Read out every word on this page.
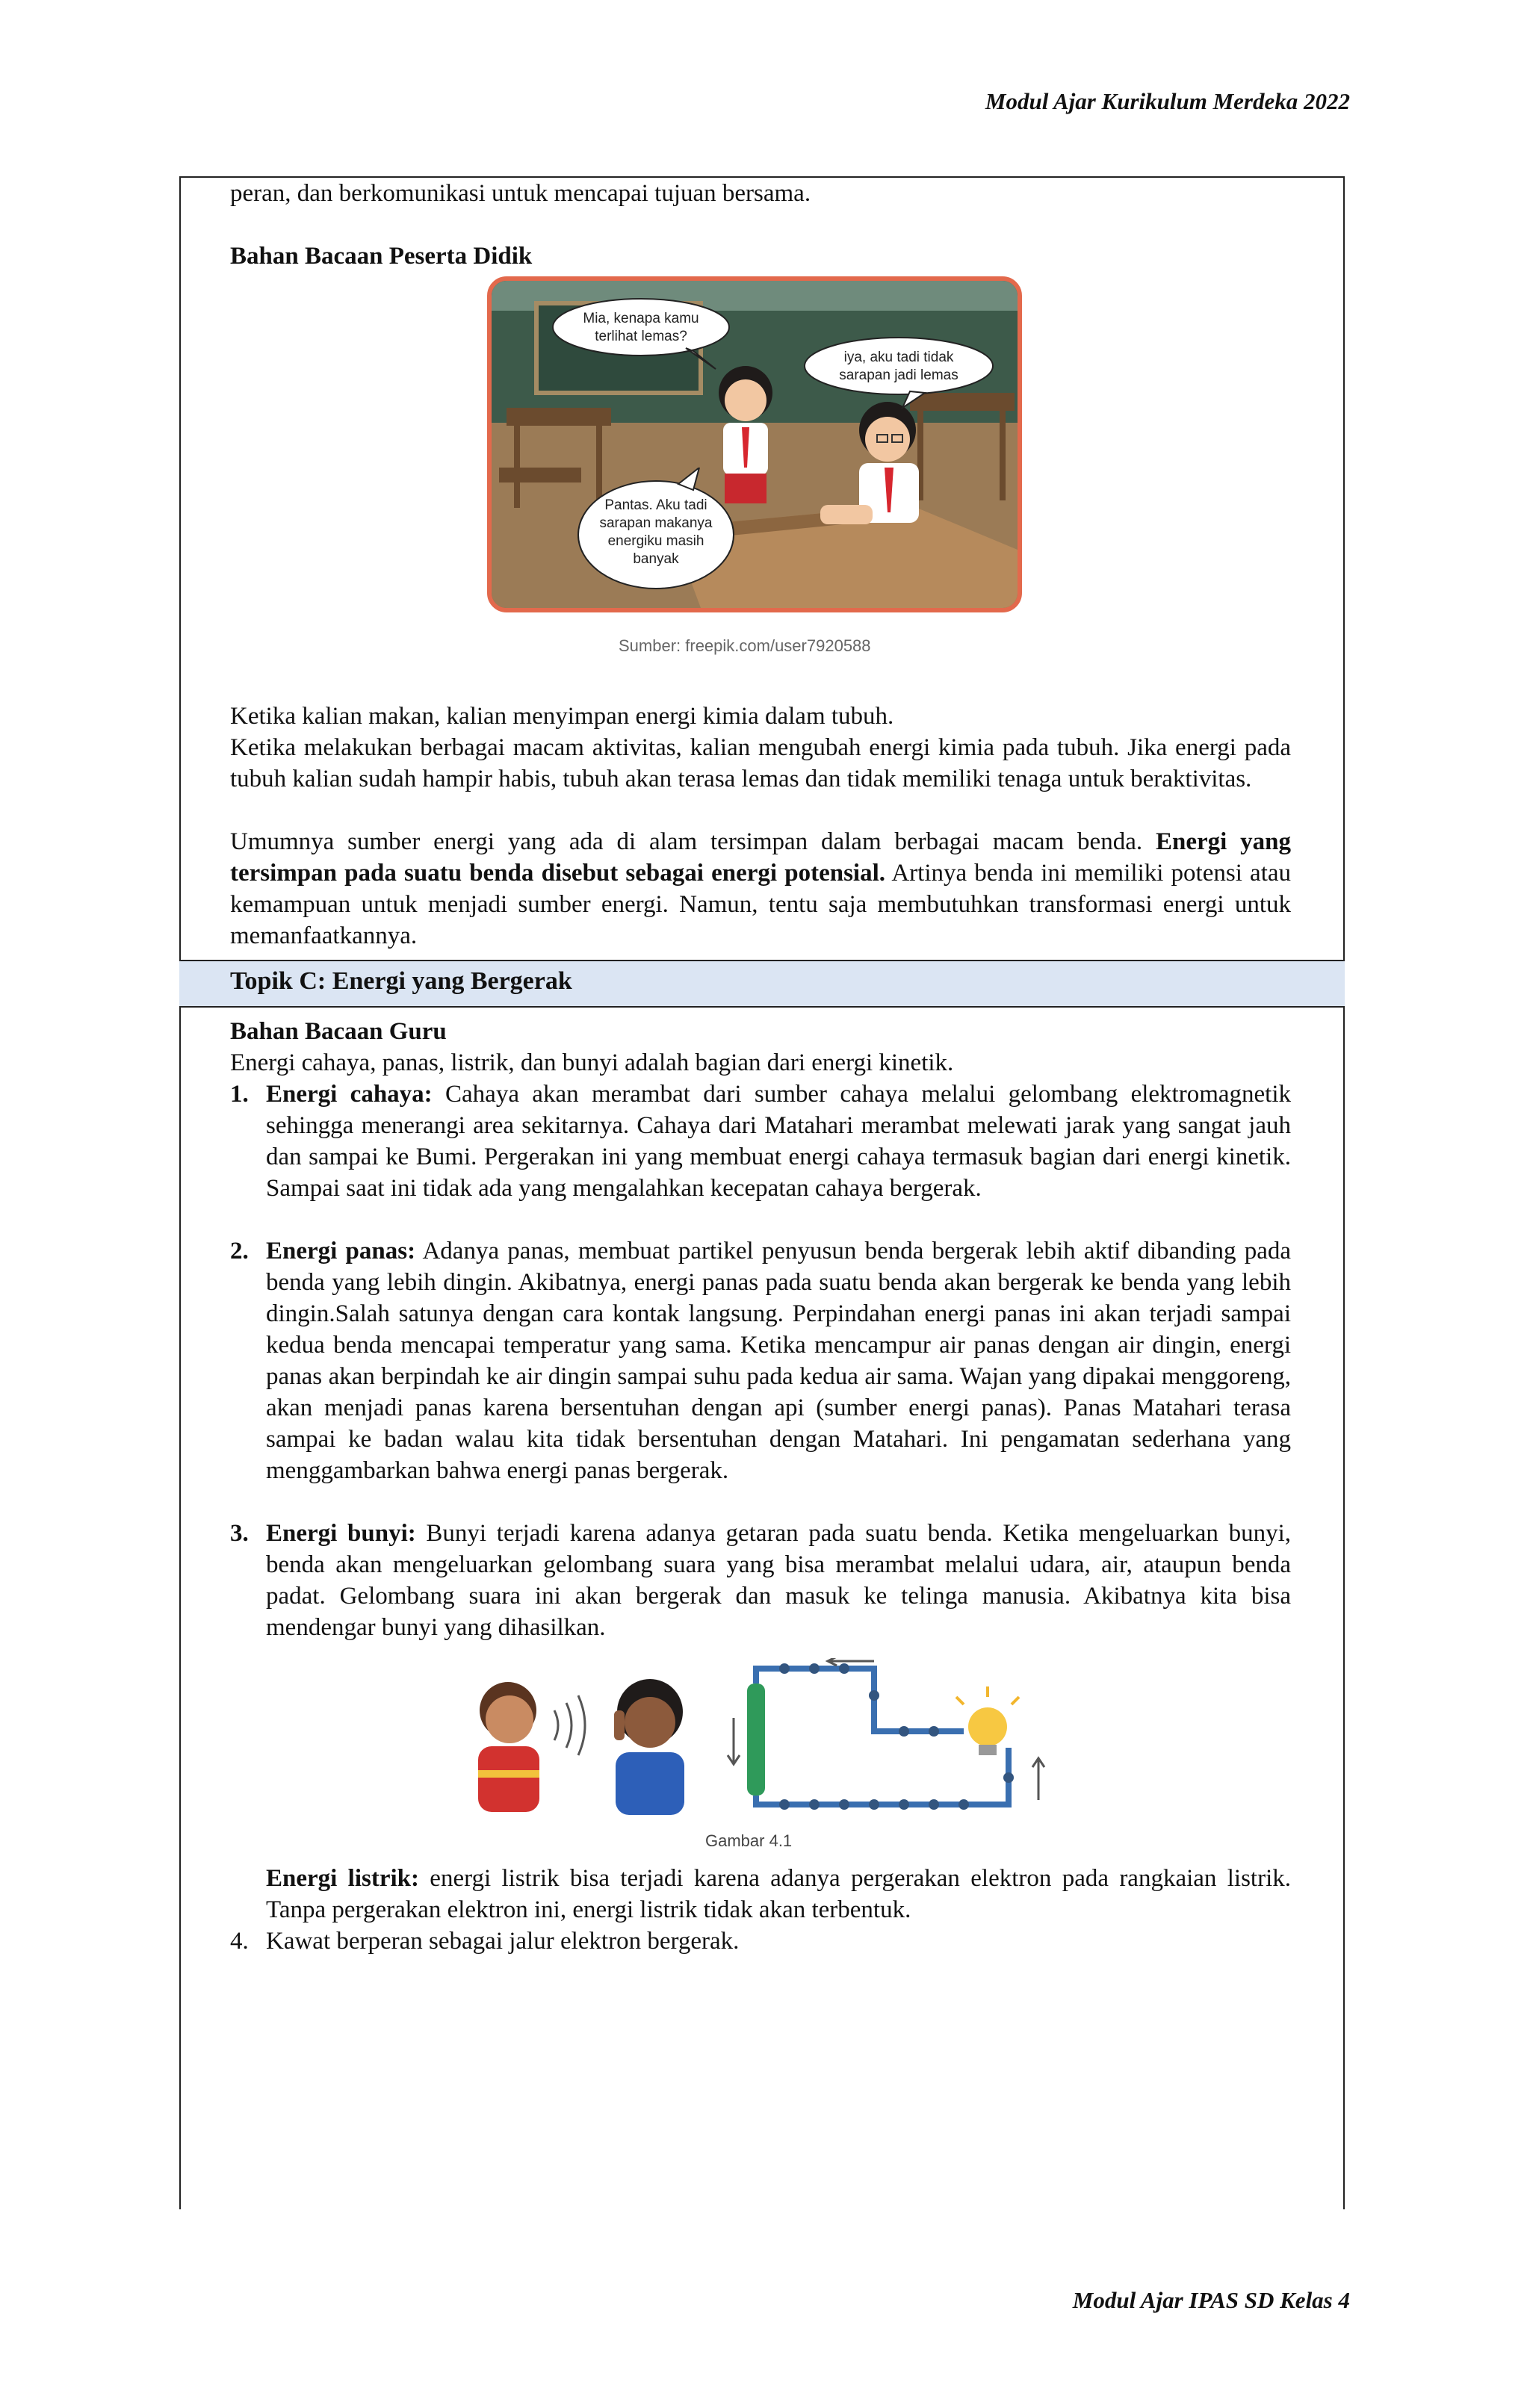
Modul Ajar Kurikulum Merdeka 2022
peran, dan berkomunikasi untuk mencapai tujuan bersama.
Bahan Bacaan Peserta Didik
Mia, kenapa kamu
terlihat lemas?
iya, aku tadi tidak
sarapan jadi lemas
Pantas. Aku tadi
sarapan makanya
energiku masih
banyak
Sumber: freepik.com/user7920588
Ketika kalian makan, kalian menyimpan energi kimia dalam tubuh.
Ketika melakukan berbagai macam aktivitas, kalian mengubah energi kimia pada tubuh. Jika energi pada tubuh kalian sudah hampir habis, tubuh akan terasa lemas dan tidak memiliki tenaga untuk beraktivitas.
Umumnya sumber energi yang ada di alam tersimpan dalam berbagai macam benda. Energi yang tersimpan pada suatu benda disebut sebagai energi potensial. Artinya benda ini memiliki potensi atau kemampuan untuk menjadi sumber energi. Namun, tentu saja membutuhkan transformasi energi untuk memanfaatkannya.
Topik C: Energi yang Bergerak
Bahan Bacaan Guru
Energi cahaya, panas, listrik, dan bunyi adalah bagian dari energi kinetik.
1. Energi cahaya: Cahaya akan merambat dari sumber cahaya melalui gelombang elektromagnetik sehingga menerangi area sekitarnya. Cahaya dari Matahari merambat melewati jarak yang sangat jauh dan sampai ke Bumi. Pergerakan ini yang membuat energi cahaya termasuk bagian dari energi kinetik. Sampai saat ini tidak ada yang mengalahkan kecepatan cahaya bergerak.
2. Energi panas: Adanya panas, membuat partikel penyusun benda bergerak lebih aktif dibanding pada benda yang lebih dingin. Akibatnya, energi panas pada suatu benda akan bergerak ke benda yang lebih dingin.Salah satunya dengan cara kontak langsung. Perpindahan energi panas ini akan terjadi sampai kedua benda mencapai temperatur yang sama. Ketika mencampur air panas dengan air dingin, energi panas akan berpindah ke air dingin sampai suhu pada kedua air sama. Wajan yang dipakai menggoreng, akan menjadi panas karena bersentuhan dengan api (sumber energi panas). Panas Matahari terasa sampai ke badan walau kita tidak bersentuhan dengan Matahari. Ini pengamatan sederhana yang menggambarkan bahwa energi panas bergerak.
3. Energi bunyi: Bunyi terjadi karena adanya getaran pada suatu benda. Ketika mengeluarkan bunyi, benda akan mengeluarkan gelombang suara yang bisa merambat melalui udara, air, ataupun benda padat. Gelombang suara ini akan bergerak dan masuk ke telinga manusia. Akibatnya kita bisa mendengar bunyi yang dihasilkan.
Gambar 4.1
Energi listrik: energi listrik bisa terjadi karena adanya pergerakan elektron pada rangkaian listrik. Tanpa pergerakan elektron ini, energi listrik tidak akan terbentuk.
4. Kawat berperan sebagai jalur elektron bergerak.
Modul Ajar IPAS SD Kelas 4
